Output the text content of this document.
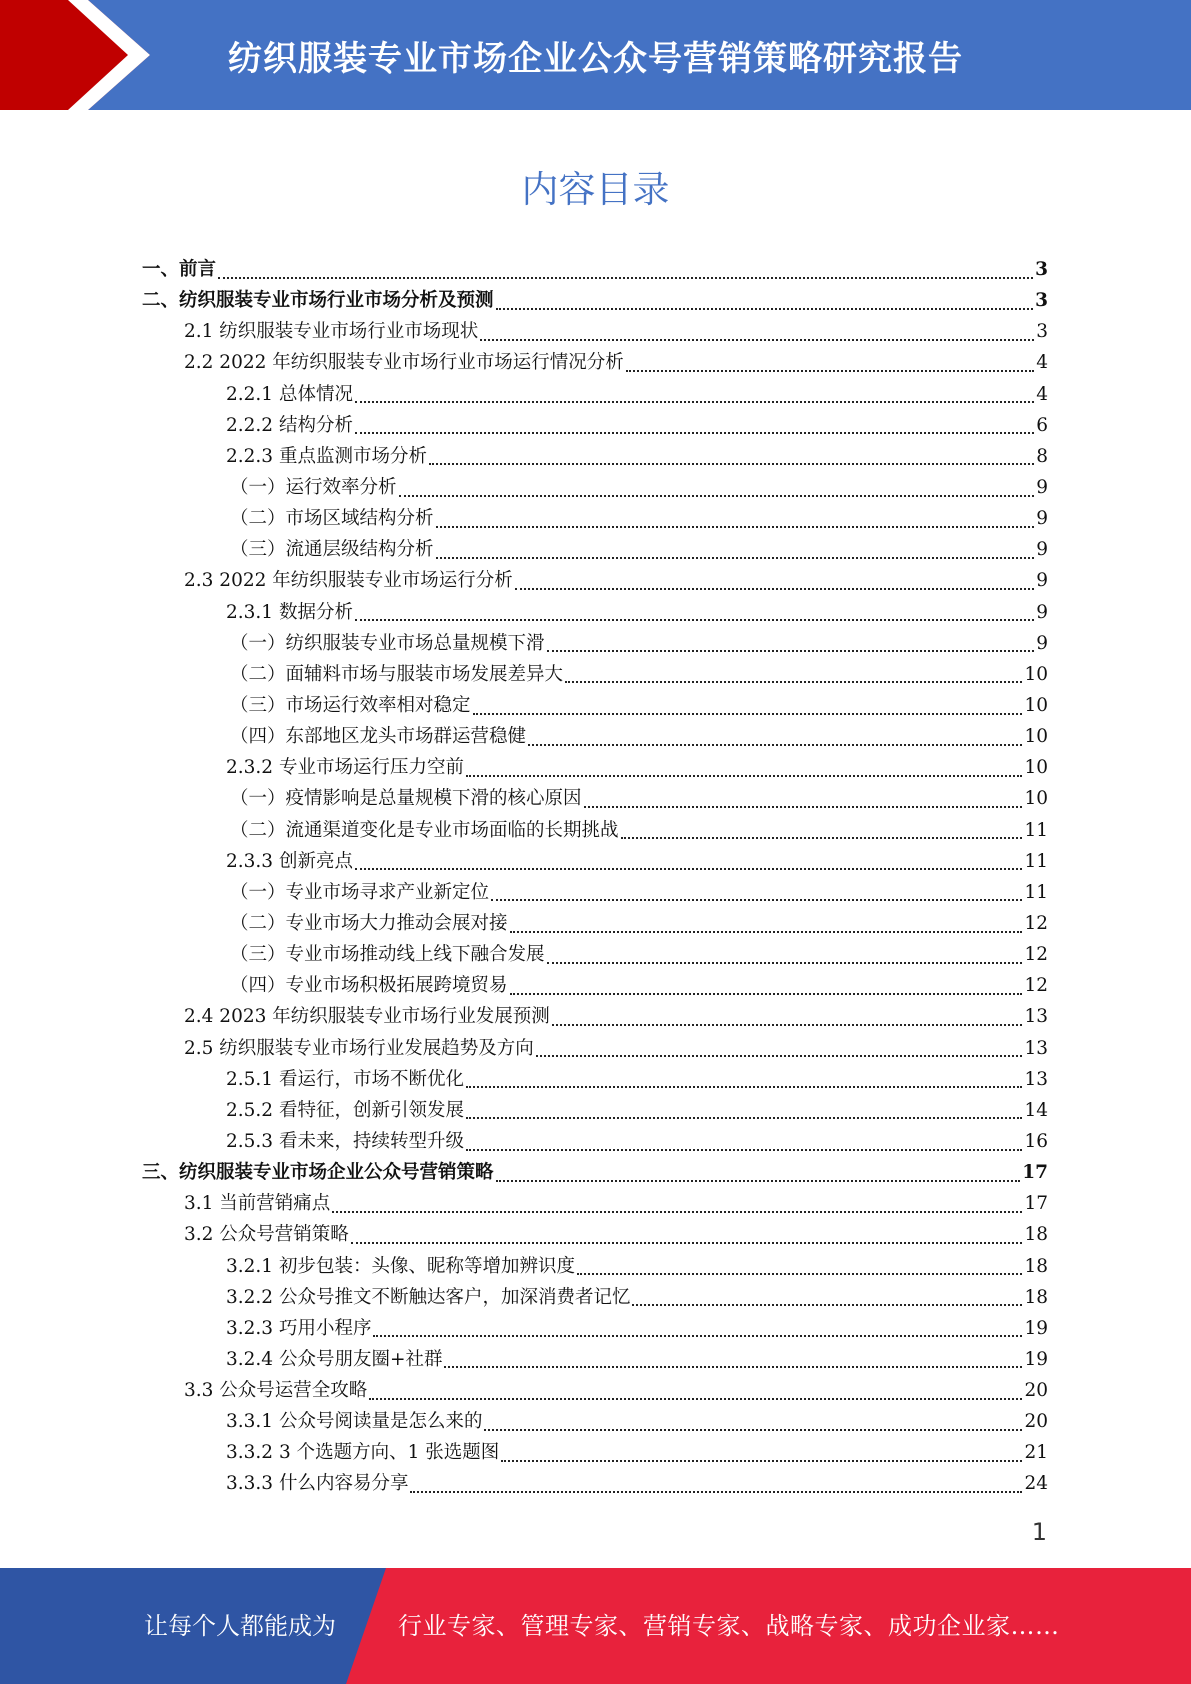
纺织服装专业市场企业公众号营销策略研究报告
内容目录
一、前言	3
二、纺织服装专业市场行业市场分析及预测	3
2.1 纺织服装专业市场行业市场现状	3
2.2 2022 年纺织服装专业市场行业市场运行情况分析	4
2.2.1 总体情况	4
2.2.2 结构分析	6
2.2.3 重点监测市场分析	8
（一）运行效率分析	9
（二）市场区域结构分析	9
（三）流通层级结构分析	9
2.3 2022 年纺织服装专业市场运行分析	9
2.3.1 数据分析	9
（一）纺织服装专业市场总量规模下滑	9
（二）面辅料市场与服装市场发展差异大	10
（三）市场运行效率相对稳定	10
（四）东部地区龙头市场群运营稳健	10
2.3.2 专业市场运行压力空前	10
（一）疫情影响是总量规模下滑的核心原因	10
（二）流通渠道变化是专业市场面临的长期挑战	11
2.3.3 创新亮点	11
（一）专业市场寻求产业新定位	11
（二）专业市场大力推动会展对接	12
（三）专业市场推动线上线下融合发展	12
（四）专业市场积极拓展跨境贸易	12
2.4 2023 年纺织服装专业市场行业发展预测	13
2.5 纺织服装专业市场行业发展趋势及方向	13
2.5.1 看运行，市场不断优化	13
2.5.2 看特征，创新引领发展	14
2.5.3 看未来，持续转型升级	16
三、纺织服装专业市场企业公众号营销策略	17
3.1 当前营销痛点	17
3.2 公众号营销策略	18
3.2.1 初步包装：头像、昵称等增加辨识度	18
3.2.2 公众号推文不断触达客户，加深消费者记忆	18
3.2.3 巧用小程序	19
3.2.4 公众号朋友圈+社群	19
3.3 公众号运营全攻略	20
3.3.1 公众号阅读量是怎么来的	20
3.3.2 3 个选题方向、1 张选题图	21
3.3.3 什么内容易分享	24
1
让每个人都能成为	行业专家、管理专家、营销专家、战略专家、成功企业家……
